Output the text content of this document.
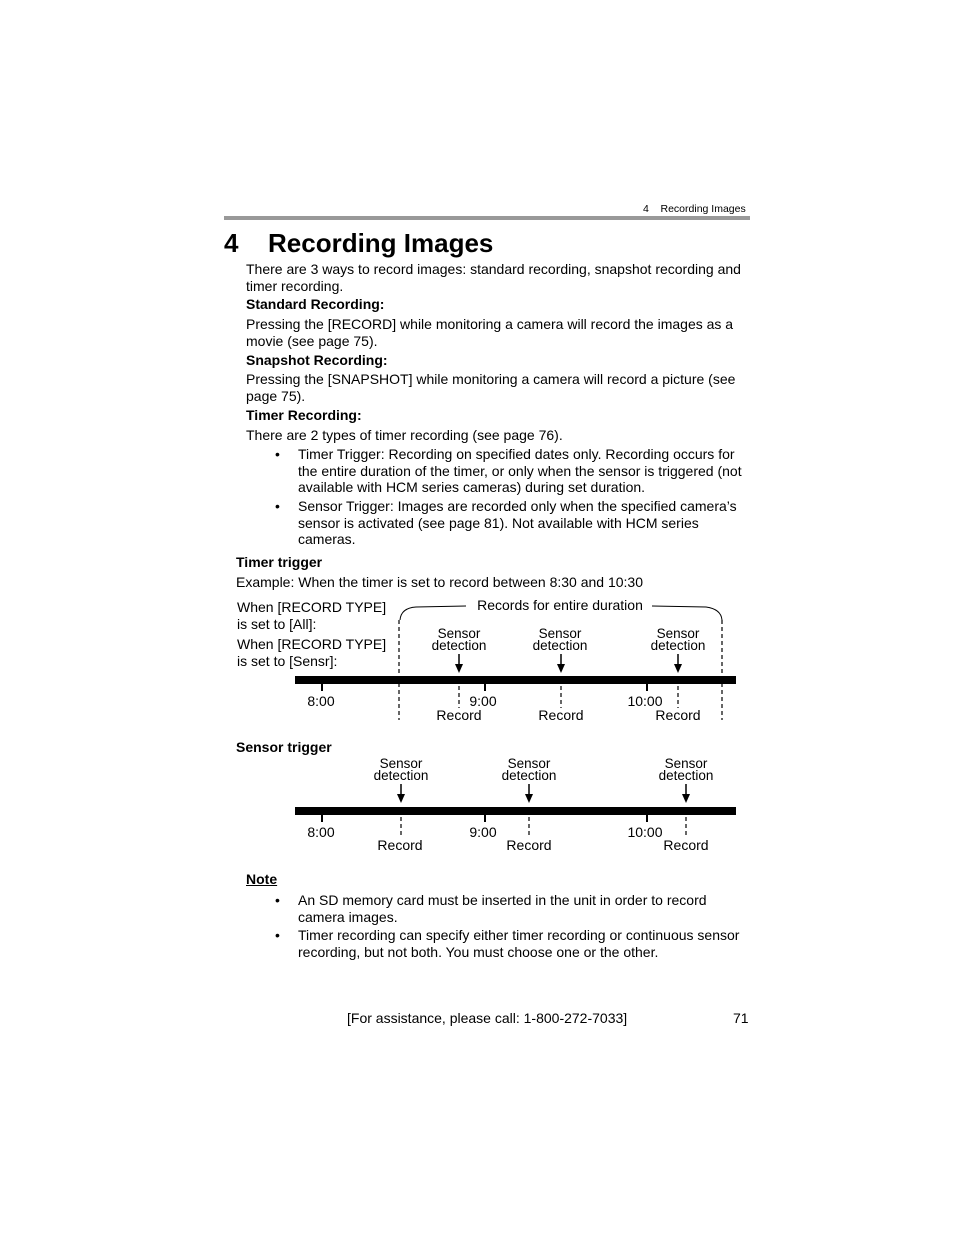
4    Recording Images
4 Recording Images
There are 3 ways to record images: standard recording, snapshot recording and timer recording.
Standard Recording:
Pressing the [RECORD] while monitoring a camera will record the images as a movie (see page 75).
Snapshot Recording:
Pressing the [SNAPSHOT] while monitoring a camera will record a picture (see page 75).
Timer Recording:
There are 2 types of timer recording (see page 76).
• Timer Trigger: Recording on specified dates only. Recording occurs for the entire duration of the timer, or only when the sensor is triggered (not available with HCM series cameras) during set duration.
• Sensor Trigger: Images are recorded only when the specified camera’s sensor is activated (see page 81). Not available with HCM series cameras.
Timer trigger
Example: When the timer is set to record between 8:30 and 10:30
When [RECORD TYPE]
is set to [All]:
When [RECORD TYPE]
is set to [Sensr]:
Records for entire duration
Sensor
detection
Sensor
detection
Sensor
detection
8:00	9:00	10:00
Record	Record	Record
Sensor trigger
Sensor
detection
Sensor
detection
Sensor
detection
8:00	9:00	10:00
Record	Record	Record
Note
• An SD memory card must be inserted in the unit in order to record camera images.
• Timer recording can specify either timer recording or continuous sensor recording, but not both. You must choose one or the other.
[For assistance, please call: 1-800-272-7033]	71
